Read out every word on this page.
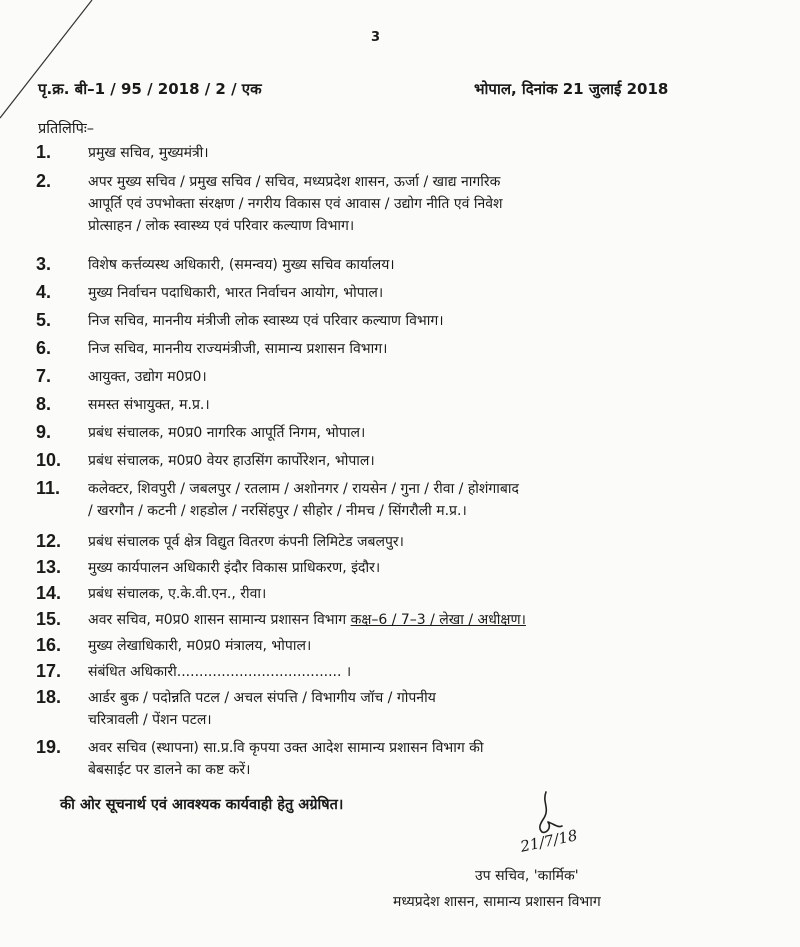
3
पृ.क्र. बी–1 / 95 / 2018 / 2 / एक	भोपाल, दिनांक 21 जुलाई 2018
प्रतिलिपिः–
1.	प्रमुख सचिव, मुख्यमंत्री।
2.	अपर मुख्य सचिव / प्रमुख सचिव / सचिव, मध्यप्रदेश शासन, ऊर्जा / खाद्य नागरिक
आपूर्ति एवं उपभोक्ता संरक्षण / नगरीय विकास एवं आवास / उद्योग नीति एवं निवेश
प्रोत्साहन / लोक स्वास्थ्य एवं परिवार कल्याण विभाग।
3.	विशेष कर्त्तव्यस्थ अधिकारी, (समन्वय) मुख्य सचिव कार्यालय।
4.	मुख्य निर्वाचन पदाधिकारी, भारत निर्वाचन आयोग, भोपाल।
5.	निज सचिव, माननीय मंत्रीजी लोक स्वास्थ्य एवं परिवार कल्याण विभाग।
6.	निज सचिव, माननीय राज्यमंत्रीजी, सामान्य प्रशासन विभाग।
7.	आयुक्त, उद्योग म0प्र0।
8.	समस्त संभायुक्त, म.प्र.।
9.	प्रबंध संचालक, म0प्र0 नागरिक आपूर्ति निगम, भोपाल।
10. प्रबंध संचालक, म0प्र0 वेयर हाउसिंग कार्पोरेशन, भोपाल।
11. कलेक्टर, शिवपुरी / जबलपुर / रतलाम / अशोनगर / रायसेन / गुना / रीवा / होशंगाबाद
/ खरगौन / कटनी / शहडोल / नरसिंहपुर / सीहोर / नीमच / सिंगरौली म.प्र.।
12. प्रबंध संचालक पूर्व क्षेत्र विद्युत वितरण कंपनी लिमिटेड जबलपुर।
13. मुख्य कार्यपालन अधिकारी इंदौर विकास प्राधिकरण, इंदौर।
14. प्रबंध संचालक, ए.के.वी.एन., रीवा।
15. अवर सचिव, म0प्र0 शासन सामान्य प्रशासन विभाग कक्ष–6 / 7–3 / लेखा / अधीक्षण।
16. मुख्य लेखाधिकारी, म0प्र0 मंत्रालय, भोपाल।
17. संबंधित अधिकारी..................................... ।
18. आर्डर बुक / पदोन्नति पटल / अचल संपत्ति / विभागीय जॉच / गोपनीय
चरित्रावली / पेंशन पटल।
19. अवर सचिव (स्थापना) सा.प्र.वि कृपया उक्त आदेश सामान्य प्रशासन विभाग की
बेबसाईट पर डालने का कष्ट करें।
की ओर सूचनार्थ एवं आवश्यक कार्यवाही हेतु अग्रेषित।
21/7/18
उप सचिव, 'कार्मिक'
मध्यप्रदेश शासन, सामान्य प्रशासन विभाग
